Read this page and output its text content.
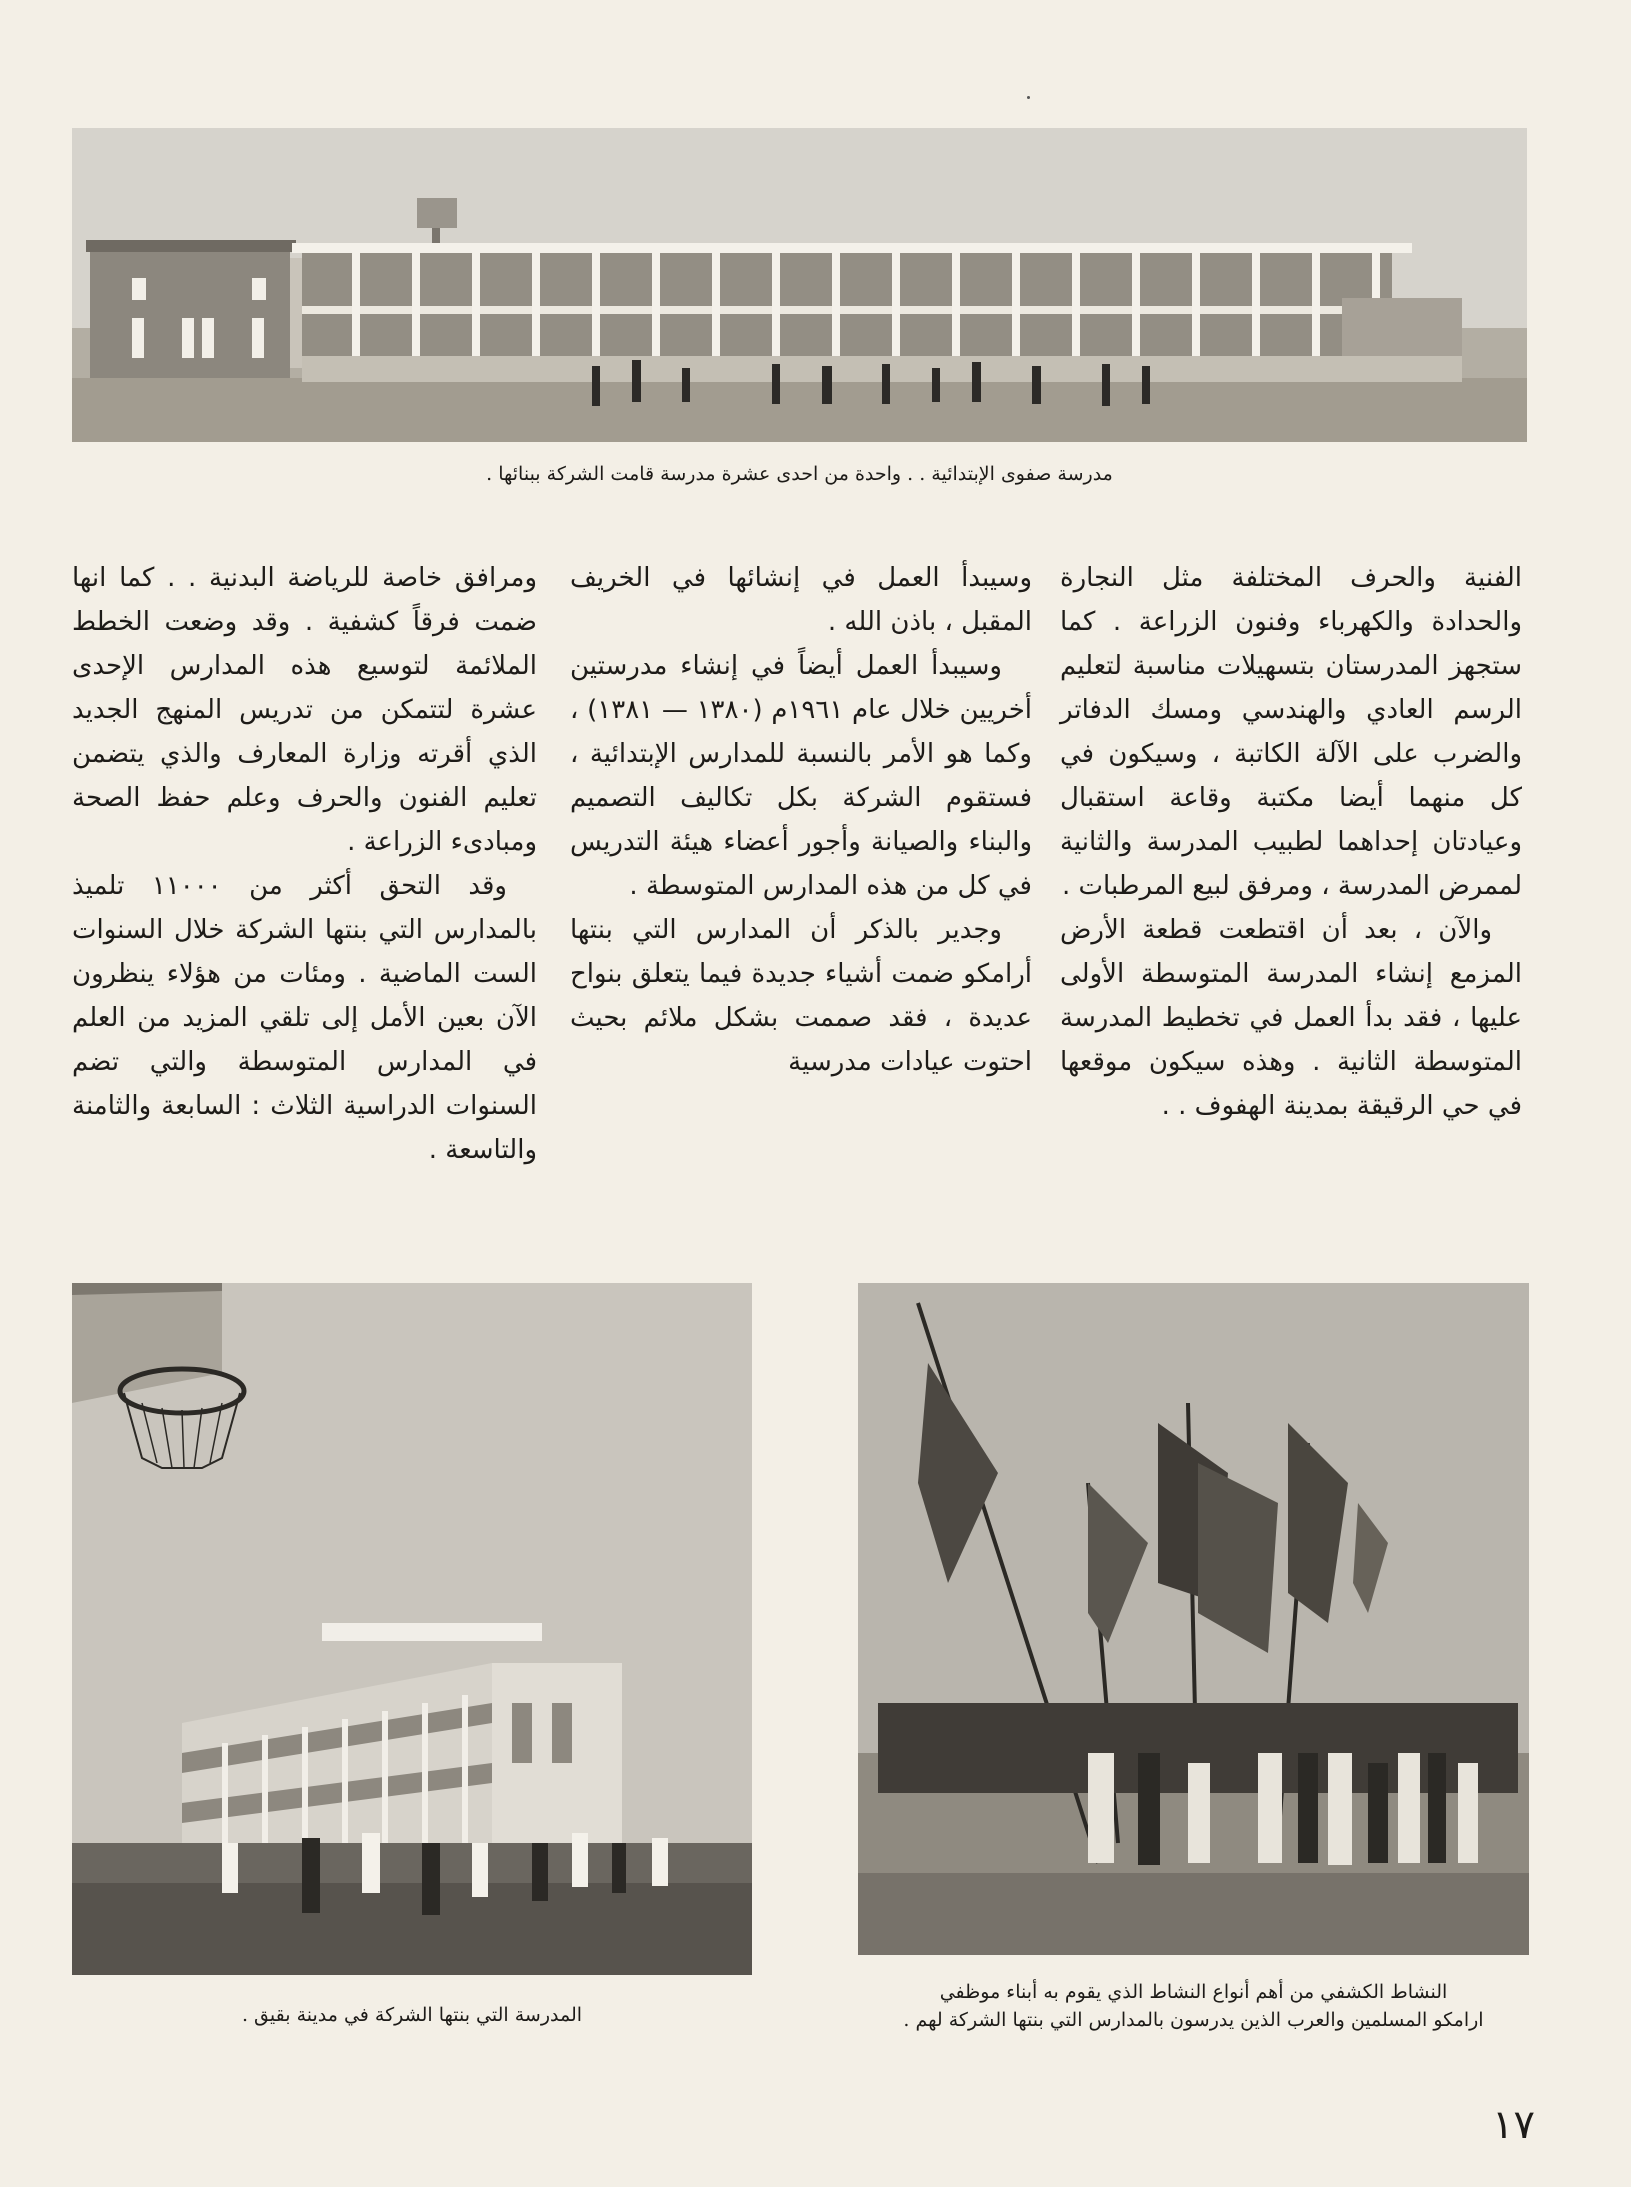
مدرسة صفوى الإبتدائية . . واحدة من احدى عشرة مدرسة قامت الشركة ببنائها .

الفنية والحرف المختلفة مثل النجارة والحدادة والكهرباء وفنون الزراعة . كما ستجهز المدرستان بتسهيلات مناسبة لتعليم الرسم العادي والهندسي ومسك الدفاتر والضرب على الآلة الكاتبة ، وسيكون في كل منهما أيضا مكتبة وقاعة استقبال وعيادتان إحداهما لطبيب المدرسة والثانية لممرض المدرسة ، ومرفق لبيع المرطبات .

والآن ، بعد أن اقتطعت قطعة الأرض المزمع إنشاء المدرسة المتوسطة الأولى عليها ، فقد بدأ العمل في تخطيط المدرسة المتوسطة الثانية . وهذه سيكون موقعها في حي الرقيقة بمدينة الهفوف . .

وسيبدأ العمل في إنشائها في الخريف المقبل ، باذن الله .

وسيبدأ العمل أيضاً في إنشاء مدرستين أخريين خلال عام ١٩٦١م (١٣٨٠ — ١٣٨١) ، وكما هو الأمر بالنسبة للمدارس الإبتدائية ، فستقوم الشركة بكل تكاليف التصميم والبناء والصيانة وأجور أعضاء هيئة التدريس في كل من هذه المدارس المتوسطة .

وجدير بالذكر أن المدارس التي بنتها أرامكو ضمت أشياء جديدة فيما يتعلق بنواح عديدة ، فقد صممت بشكل ملائم بحيث احتوت عيادات مدرسية

ومرافق خاصة للرياضة البدنية . . كما انها ضمت فرقاً كشفية . وقد وضعت الخطط الملائمة لتوسيع هذه المدارس الإحدى عشرة لتتمكن من تدريس المنهج الجديد الذي أقرته وزارة المعارف والذي يتضمن تعليم الفنون والحرف وعلم حفظ الصحة ومبادىء الزراعة .

وقد التحق أكثر من ١١٠٠٠ تلميذ بالمدارس التي بنتها الشركة خلال السنوات الست الماضية . ومئات من هؤلاء ينظرون الآن بعين الأمل إلى تلقي المزيد من العلم في المدارس المتوسطة والتي تضم السنوات الدراسية الثلاث : السابعة والثامنة والتاسعة .

المدرسة التي بنتها الشركة في مدينة بقيق .
النشاط الكشفي من أهم أنواع النشاط الذي يقوم به أبناء موظفي
ارامكو المسلمين والعرب الذين يدرسون بالمدارس التي بنتها الشركة لهم .
١٧
